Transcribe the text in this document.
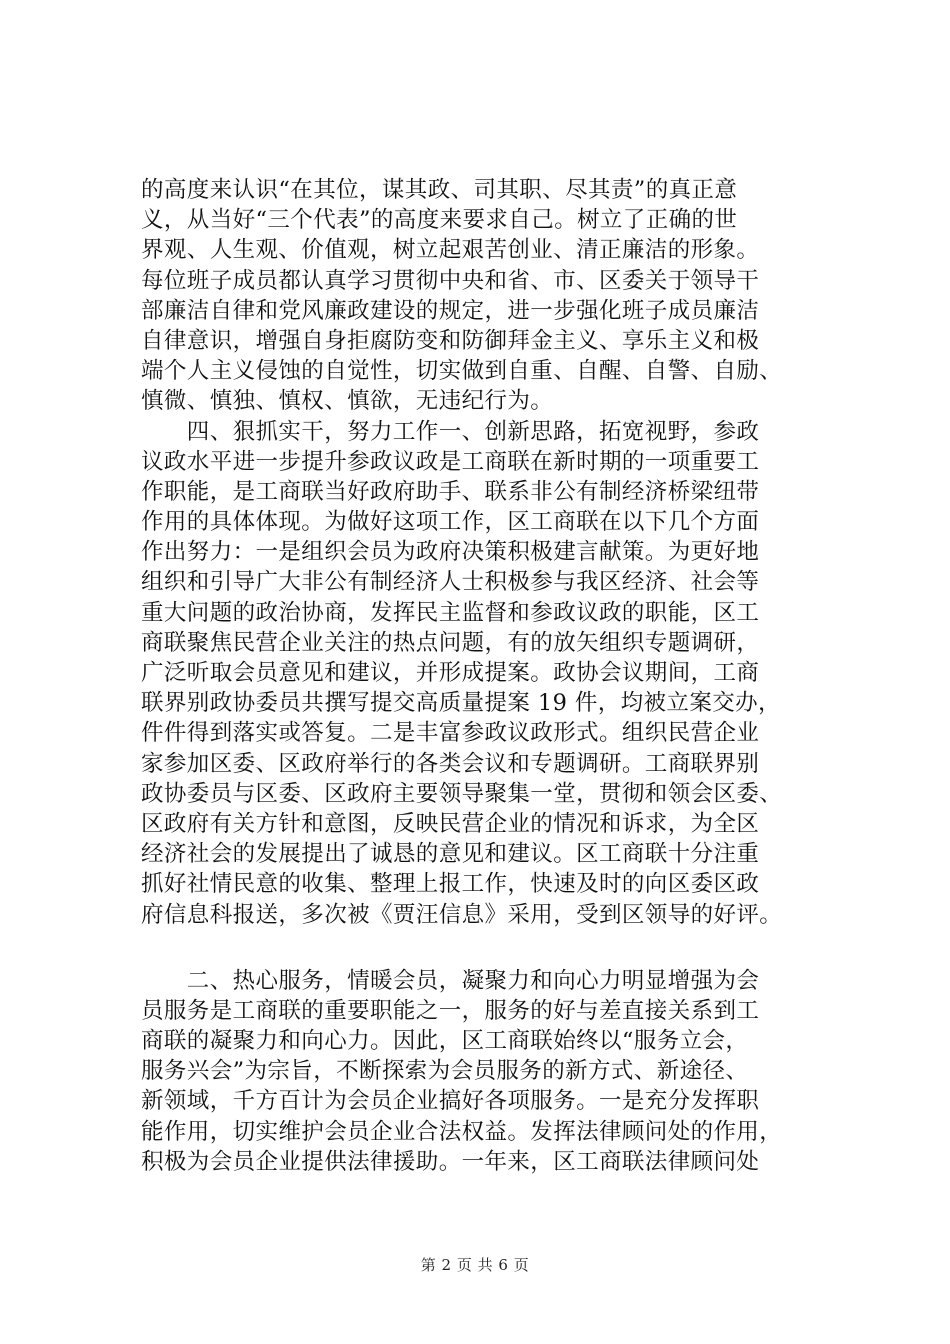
的高度来认识“在其位，谋其政、司其职、尽其责”的真正意
义，从当好“三个代表”的高度来要求自己。树立了正确的世
界观、人生观、价值观，树立起艰苦创业、清正廉洁的形象。
每位班子成员都认真学习贯彻中央和省、市、区委关于领导干
部廉洁自律和党风廉政建设的规定，进一步强化班子成员廉洁
自律意识，增强自身拒腐防变和防御拜金主义、享乐主义和极
端个人主义侵蚀的自觉性，切实做到自重、自醒、自警、自励、
慎微、慎独、慎权、慎欲，无违纪行为。
　　四、狠抓实干，努力工作一、创新思路，拓宽视野，参政
议政水平进一步提升参政议政是工商联在新时期的一项重要工
作职能，是工商联当好政府助手、联系非公有制经济桥梁纽带
作用的具体体现。为做好这项工作，区工商联在以下几个方面
作出努力：一是组织会员为政府决策积极建言献策。为更好地
组织和引导广大非公有制经济人士积极参与我区经济、社会等
重大问题的政治协商，发挥民主监督和参政议政的职能，区工
商联聚焦民营企业关注的热点问题，有的放矢组织专题调研，
广泛听取会员意见和建议，并形成提案。政协会议期间，工商
联界别政协委员共撰写提交高质量提案 19 件，均被立案交办，
件件得到落实或答复。二是丰富参政议政形式。组织民营企业
家参加区委、区政府举行的各类会议和专题调研。工商联界别
政协委员与区委、区政府主要领导聚集一堂，贯彻和领会区委、
区政府有关方针和意图，反映民营企业的情况和诉求，为全区
经济社会的发展提出了诚恳的意见和建议。区工商联十分注重
抓好社情民意的收集、整理上报工作，快速及时的向区委区政
府信息科报送，多次被《贾汪信息》采用，受到区领导的好评。
　　二、热心服务，情暖会员，凝聚力和向心力明显增强为会
员服务是工商联的重要职能之一，服务的好与差直接关系到工
商联的凝聚力和向心力。因此，区工商联始终以“服务立会，
服务兴会”为宗旨，不断探索为会员服务的新方式、新途径、
新领域，千方百计为会员企业搞好各项服务。一是充分发挥职
能作用，切实维护会员企业合法权益。发挥法律顾问处的作用，
积极为会员企业提供法律援助。一年来，区工商联法律顾问处
第 2 页 共 6 页
